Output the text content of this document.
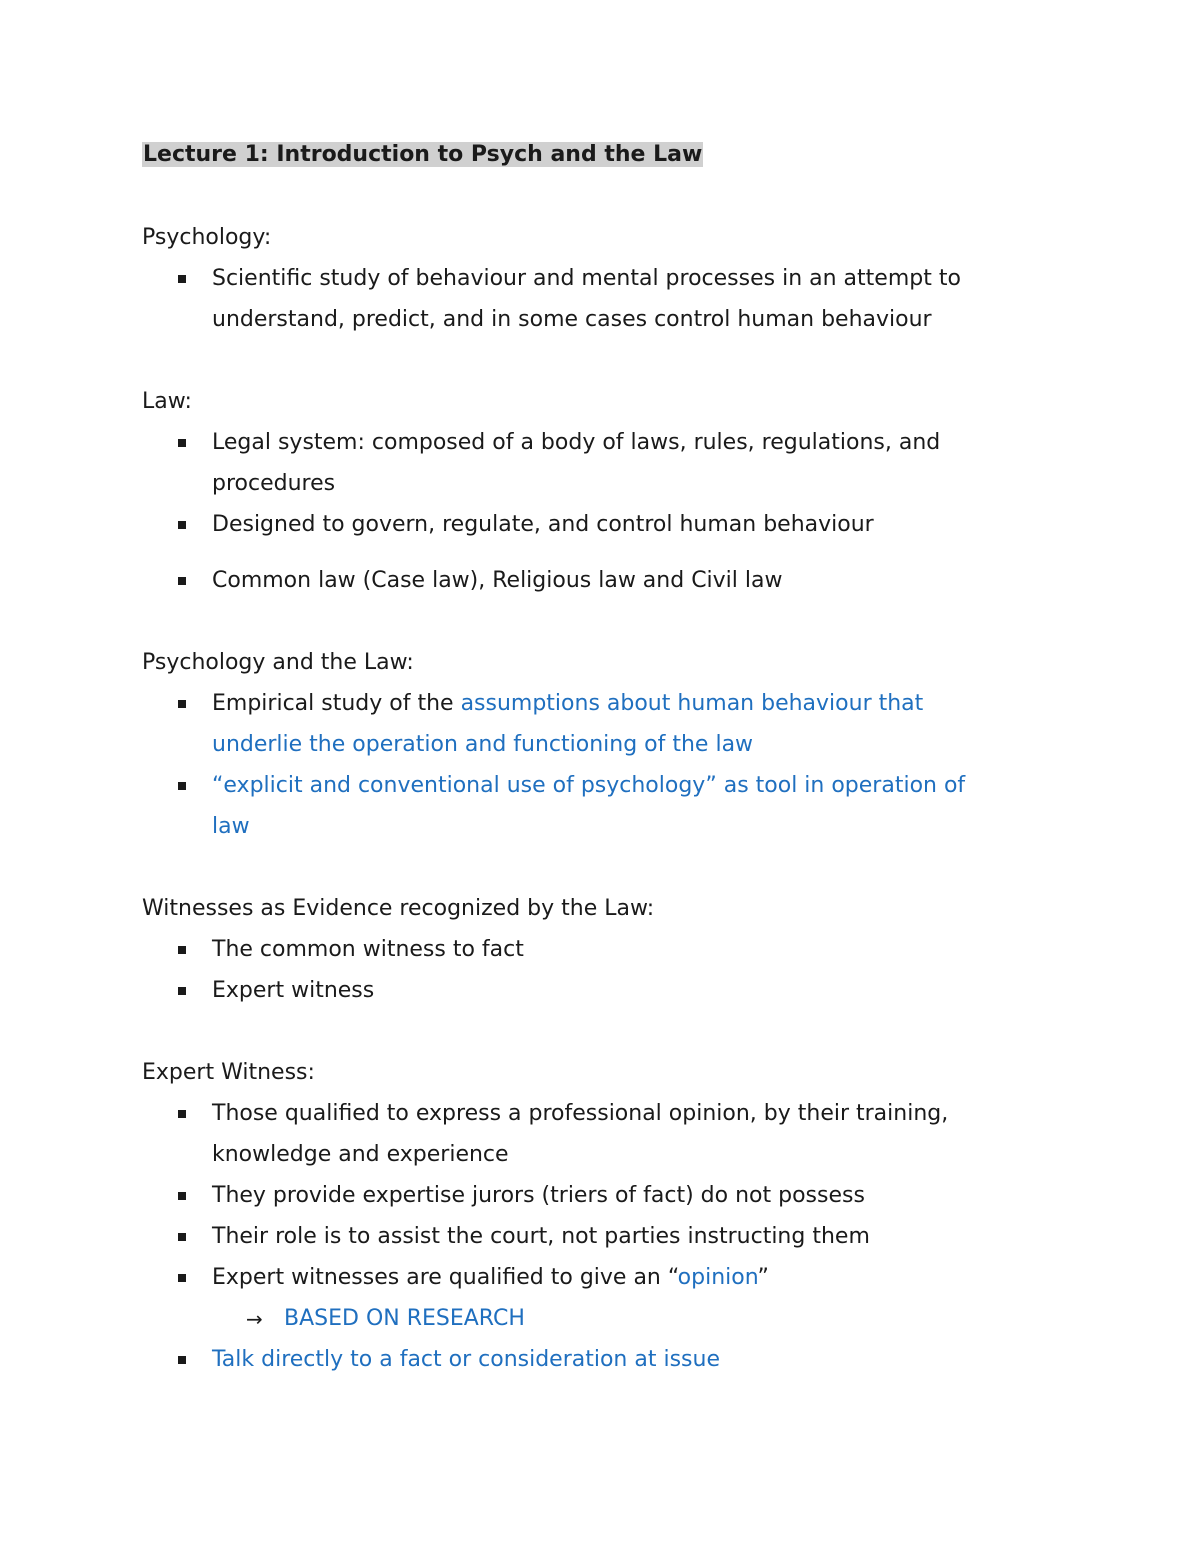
Lecture 1: Introduction to Psych and the Law
Psychology:
Scientific study of behaviour and mental processes in an attempt to
understand, predict, and in some cases control human behaviour
Law:
Legal system: composed of a body of laws, rules, regulations, and
procedures
Designed to govern, regulate, and control human behaviour
Common law (Case law), Religious law and Civil law
Psychology and the Law:
Empirical study of the assumptions about human behaviour that
underlie the operation and functioning of the law
“explicit and conventional use of psychology” as tool in operation of
law
Witnesses as Evidence recognized by the Law:
The common witness to fact
Expert witness
Expert Witness:
Those qualified to express a professional opinion, by their training,
knowledge and experience
They provide expertise jurors (triers of fact) do not possess
Their role is to assist the court, not parties instructing them
Expert witnesses are qualified to give an “opinion”
→ BASED ON RESEARCH
Talk directly to a fact or consideration at issue
